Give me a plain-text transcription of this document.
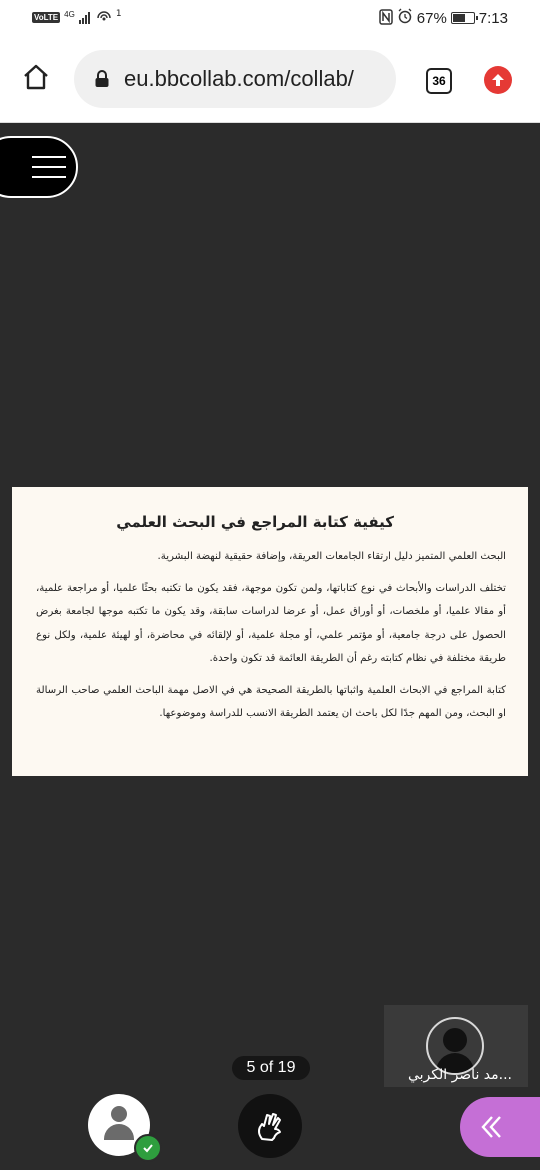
VoLTE 4G	1	67% 7:13
eu.bbcollab.com/collab/	36
كيفية كتابة المراجع في البحث العلمي

البحث العلمي المتميز دليل ارتقاء الجامعات العريقة، وإضافة حقيقية لنهضة البشرية.

تختلف الدراسات والأبحاث في نوع كتاباتها، ولمن تكون موجهة، فقد يكون ما تكتبه بحثًا علميا، أو مراجعة علمية، أو مقالا علميا، أو ملخصات، أو أوراق عمل، أو عرضا لدراسات سابقة، وقد يكون ما تكتبه موجها لجامعة بغرض الحصول على درجة جامعية، أو مؤتمر علمي، أو مجلة علمية، أو لإلقائه في محاضرة، أو لهيئة علمية، ولكل نوع طريقة مختلفة في نظام كتابته رغم أن الطريقة العائمة قد تكون واحدة.

كتابة المراجع في الابحاث العلمية واثباتها بالطريقة الصحيحة هي في الاصل مهمة الباحث العلمي صاحب الرسالة او البحث، ومن المهم جدًا لكل باحث ان يعتمد الطريقة الانسب للدراسة وموضوعها.

5 of 19	...مد ناصر الكربي
